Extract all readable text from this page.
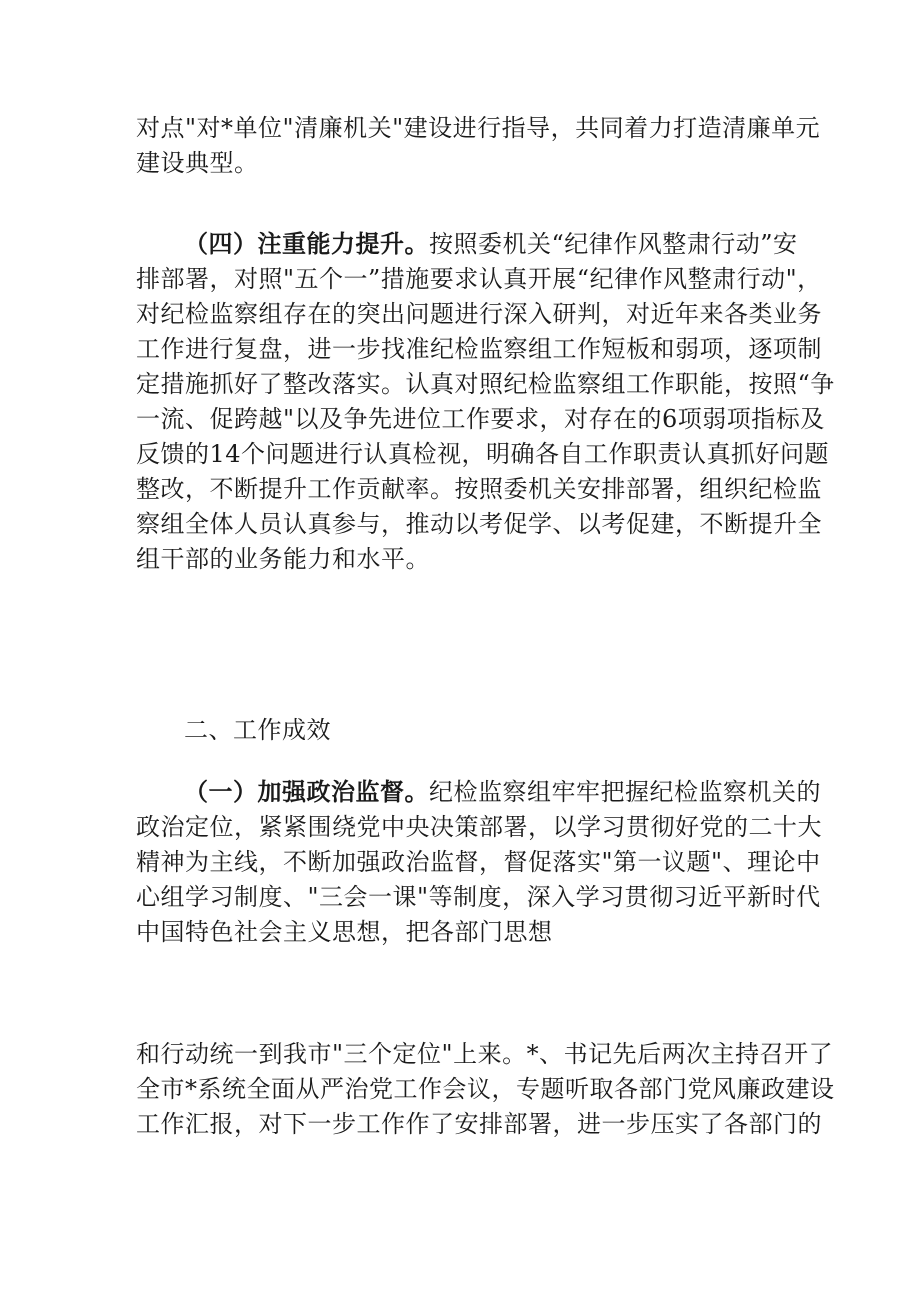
对点"对*单位"清廉机关"建设进行指导，共同着力打造清廉单元
建设典型。
（四）注重能力提升。按照委机关“纪律作风整肃行动”安
排部署，对照"五个一”措施要求认真开展“纪律作风整肃行动"，
对纪检监察组存在的突出问题进行深入研判，对近年来各类业务
工作进行复盘，进一步找准纪检监察组工作短板和弱项，逐项制
定措施抓好了整改落实。认真对照纪检监察组工作职能，按照“争
一流、促跨越"以及争先进位工作要求，对存在的6项弱项指标及
反馈的14个问题进行认真检视，明确各自工作职责认真抓好问题
整改，不断提升工作贡献率。按照委机关安排部署，组织纪检监
察组全体人员认真参与，推动以考促学、以考促建，不断提升全
组干部的业务能力和水平。
二、工作成效
（一）加强政治监督。纪检监察组牢牢把握纪检监察机关的
政治定位，紧紧围绕党中央决策部署，以学习贯彻好党的二十大
精神为主线，不断加强政治监督，督促落实"第一议题"、理论中
心组学习制度、"三会一课"等制度，深入学习贯彻习近平新时代
中国特色社会主义思想，把各部门思想
和行动统一到我市"三个定位"上来。*、书记先后两次主持召开了
全市*系统全面从严治党工作会议，专题听取各部门党风廉政建设
工作汇报，对下一步工作作了安排部署，进一步压实了各部门的
